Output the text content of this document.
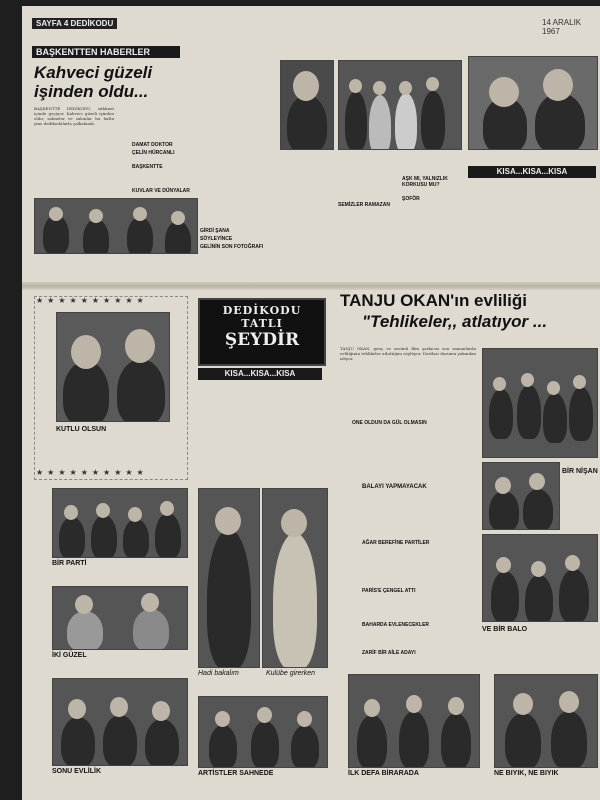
SAYFA 4 DEDİKODU	14 ARALIK 1967
BAŞKENTTEN HABERLER
Kahveci güzeli
işinden oldu...
BAŞKENTTE DEDİKODU, sükûnet içinde geçiyor. Kahveci güzeli işinden oldu; sahneler ve salonlar bu hafta yine dedikodularla çalkalandı.
DAMAT DOKTOR
ÇELİN HÜRCANLI
BAŞKENTTE
KUVLAR VE DÜNYALAR
GİRDİ ŞANA
SÖYLEYİNCE
GELİNİN SON FOTOĞRAFI
SEMİZLER RAMAZAN
AŞK MI, YALNIZLIK KORKUSU MU?
ŞOFÖR
KISA...KISA...KISA
★★★★★★★★★★
★★★★★★★★★★
KUTLU OLSUN
DEDİKODU
TATLI
ŞEYDİR
KISA...KISA...KISA
TANJU OKAN'ın evliliği
"Tehlikeler,, atlatıyor ...
TANJU OKAN, genç ve sevimli film şarkıcısı son zamanlarda evliliğinin tehlikeler atlattığını söylüyor. Dostları durumu yakından izliyor.
ONE OLDUN DA GÜL OLMASIN
BALAYI YAPMAYACAK
AĞAR BEREFİNE PARTİLER
PARİS'E ÇENGEL ATTI
BAHARDA EVLENECEKLER
ZARİF BİR AİLE ADAYI
BİR NİŞAN
VE BİR BALO
BİR PARTİ
İKİ GÜZEL
SONU EVLİLİK
Hadi bakalım	Kulübe girerken
ARTİSTLER SAHNEDE	İLK DEFA BİRARADA	NE BIYIK, NE BIYIK
